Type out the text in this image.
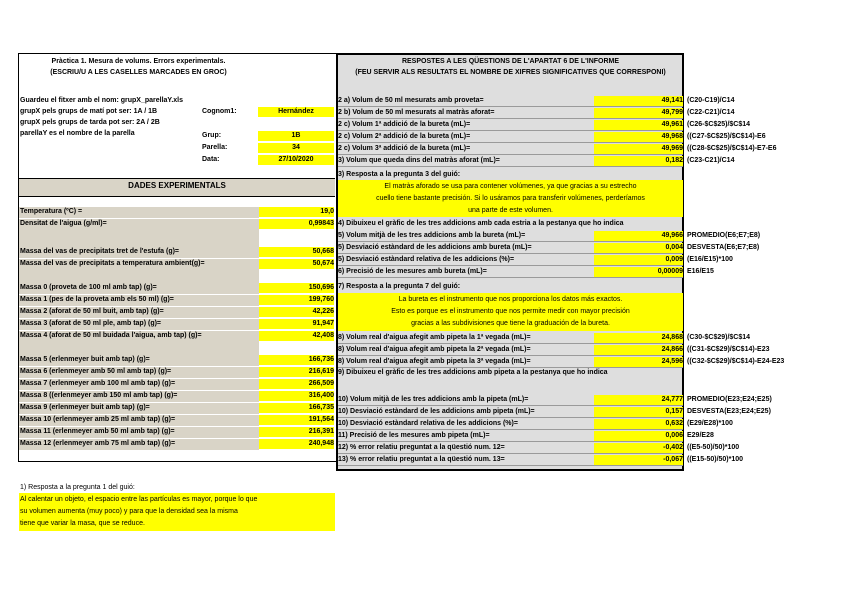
Pràctica 1. Mesura de volums. Errors experimentals.
(ESCRIU/U A LES CASELLES MARCADES EN GROC)
RESPOSTES A LES QÜESTIONS DE L'APARTAT 6 DE L'INFORME
(FEU SERVIR ALS RESULTATS EL NOMBRE DE XIFRES SIGNIFICATIVES QUE CORRESPONI)
Guardeu el fitxer amb el nom: grupX_parellaY.xls
grupX pels grups de matí pot ser: 1A / 1B
grupX pels grups de tarda pot ser: 2A / 2B
parellaY es el nombre de la parella
Cognom1:	Hernández
Grup:	1B
Parella:	34
Data:	27/10/2020
DADES EXPERIMENTALS
Temperatura (ºC) =	19,0
Densitat de l'aigua (g/ml)=	0,99843
Massa del vas de precipitats tret de l'estufa (g)=	50,668
Massa del vas de precipitats a temperatura ambient(g)=	50,674
Massa 0 (proveta de 100 ml amb tap) (g)=	150,696
Massa 1 (pes de la proveta amb els 50 ml) (g)=	199,760
Massa 2 (aforat de 50 ml buit, amb tap) (g)=	42,226
Massa 3 (aforat de 50 ml ple, amb tap) (g)=	91,947
Massa 4 (aforat de 50 ml buidada l'aigua, amb tap) (g)=	42,408
Massa 5 (erlenmeyer buit amb tap) (g)=	166,736
Massa 6 (erlenmeyer amb 50 ml amb tap) (g)=	216,619
Massa 7 (erlenmeyer amb 100 ml amb tap) (g)=	266,509
Massa 8 ((erlenmeyer amb 150 ml amb tap) (g)=	316,400
Massa 9 (erlenmeyer buit amb tap) (g)=	166,735
Massa 10 (erlenmeyer amb 25 ml amb tap) (g)=	191,564
Massa 11 (erlenmeyer amb 50 ml amb tap) (g)=	216,391
Massa 12 (erlenmeyer amb 75 ml amb tap) (g)=	240,948
2 a) Volum de 50 ml mesurats amb proveta=	49,141 (C20-C19)/C14
2 b) Volum de 50 ml mesurats al matràs aforat=	49,799 (C22-C21)/C14
2 c) Volum 1ª addició de la bureta (mL)=	49,961 (C26-$C$25)/$C$14
2 c) Volum 2ª addició de la bureta (mL)=	49,968 ((C27-$C$25)/$C$14)-E6
2 c) Volum 3ª addició de la bureta (mL)=	49,969 ((C28-$C$25)/$C$14)-E7-E6
3) Volum que queda dins del matràs aforat (mL)=	0,182 (C23-C21)/C14
5) Volum mitjà de les tres addicions amb la bureta (mL)=	49,966 PROMEDIO(E6;E7;E8)
5) Desviació estàndard de les addicions amb bureta (mL)=	0,004 DESVESTA(E6;E7;E8)
5) Desviació estàndard relativa de les addicions (%)=	0,009 (E16/E15)*100
6) Precisió de les mesures amb bureta (mL)=	0,00009 E16/E15
8) Volum real d'aigua afegit amb pipeta la 1ª vegada (mL)=	24,868 (C30-$C$29)/$C$14
8) Volum real d'aigua afegit amb pipeta la 2ª vegada (mL)=	24,866 ((C31-$C$29)/$C$14)-E23
8) Volum real d'aigua afegit amb pipeta la 3ª vegada (mL)=	24,596 ((C32-$C$29)/$C$14)-E24-E23
10) Volum mitjà de les tres addicions amb la pipeta (mL)=	24,777 PROMEDIO(E23;E24;E25)
10) Desviació estàndard de les addicions amb pipeta (mL)=	0,157 DESVESTA(E23;E24;E25)
10) Desviació estàndard relativa de les addicions (%)=	0,632 (E29/E28)*100
11) Precisió de les mesures amb pipeta (mL)=	0,006 E29/E28
12) % error relatiu preguntat a la qüestió num. 12=	-0,402 ((E5-50)/50)*100
13) % error relatiu preguntat a la qüestió num. 13=	-0,067 ((E15-50)/50)*100
3) Resposta a la pregunta 3 del guió:
El matràs aforado se usa para contener volúmenes, ya que gracias a su estrecho
cuello tiene bastante precisión. Si lo usáramos para transferir volúmenes, perderíamos
una parte de este volumen.
4) Dibuixeu el gràfic de les tres addicions amb cada estria a la pestanya que ho indica
7) Resposta a la pregunta 7 del guió:
La bureta es el instrumento que nos proporciona los datos más exactos.
Esto es porque es el instrumento que nos permite medir con mayor precisión
gracias a las subdivisiones que tiene la graduación de la bureta.
9) Dibuixeu el gràfic de les tres addicions amb pipeta a la pestanya que ho indica
1) Resposta a la pregunta 1 del guió:
Al calentar un objeto, el espacio entre las partículas es mayor, porque lo que
su volumen aumenta (muy poco) y para que la densidad sea la misma
tiene que variar la masa, que se reduce.
